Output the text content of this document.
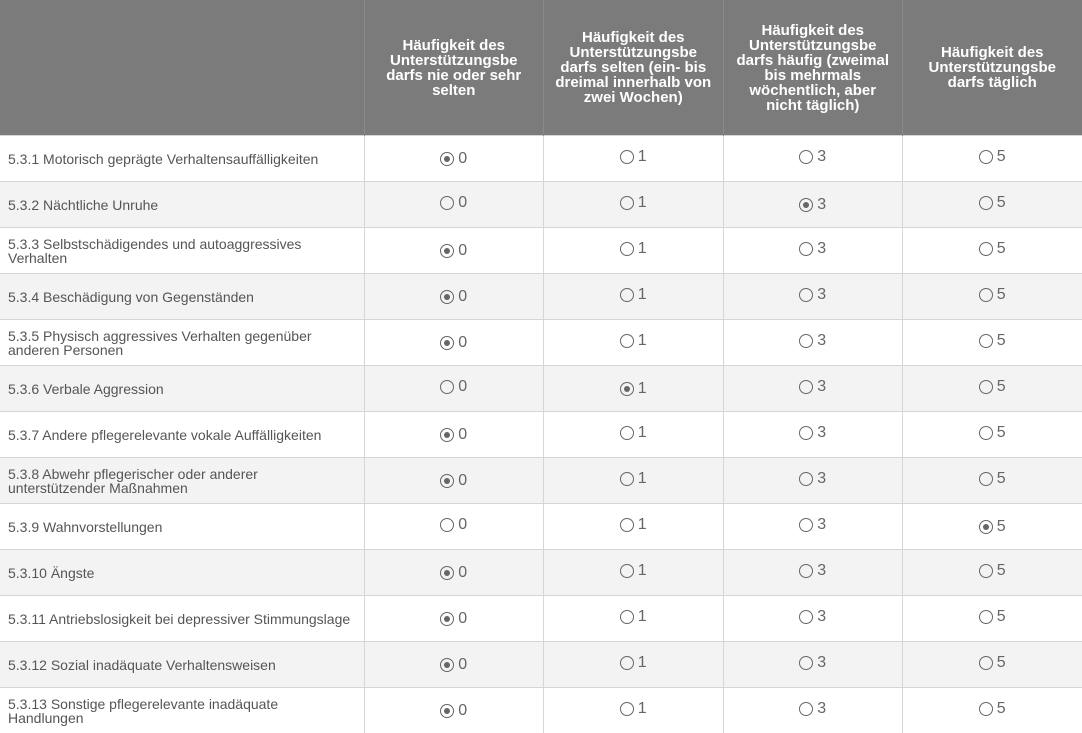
	Häufigkeit des Unterstützungsbe darfs nie oder sehr selten	Häufigkeit des Unterstützungsbe darfs selten (ein- bis dreimal innerhalb von zwei Wochen)	Häufigkeit des Unterstützungsbe darfs häufig (zweimal bis mehrmals wöchentlich, aber nicht täglich)	Häufigkeit des Unterstützungsbe darfs täglich
5.3.1 Motorisch geprägte Verhaltensauffälligkeiten	0	1	3	5

5.3.2 Nächtliche Unruhe	0	1	3	5

5.3.3 Selbstschädigendes und autoaggressives Verhalten	0	1	3	5

5.3.4 Beschädigung von Gegenständen	0	1	3	5

5.3.5 Physisch aggressives Verhalten gegenüber anderen Personen	0	1	3	5

5.3.6 Verbale Aggression	0	1	3	5

5.3.7 Andere pflegerelevante vokale Auffälligkeiten	0	1	3	5

5.3.8 Abwehr pflegerischer oder anderer unterstützender Maßnahmen	0	1	3	5

5.3.9 Wahnvorstellungen	0	1	3	5

5.3.10 Ängste	0	1	3	5

5.3.11 Antriebslosigkeit bei depressiver Stimmungslage	0	1	3	5

5.3.12 Sozial inadäquate Verhaltensweisen	0	1	3	5

5.3.13 Sonstige pflegerelevante inadäquate Handlungen	0	1	3	5
